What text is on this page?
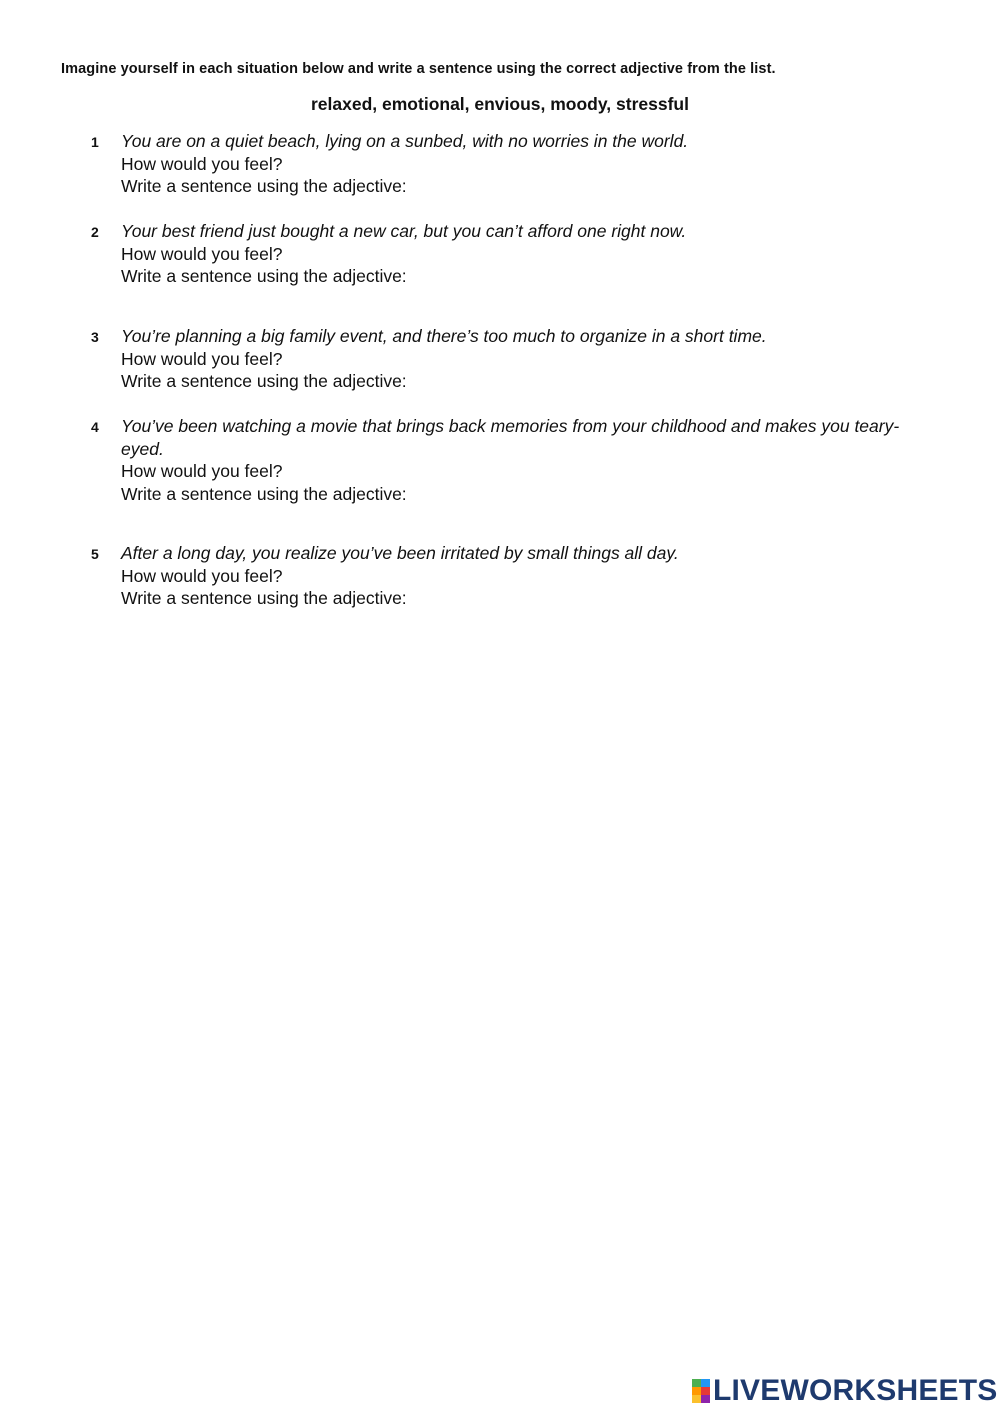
Imagine yourself in each situation below and write a sentence using the correct adjective from the list.
relaxed, emotional, envious, moody, stressful
1 You are on a quiet beach, lying on a sunbed, with no worries in the world.
How would you feel?
Write a sentence using the adjective:
2 Your best friend just bought a new car, but you can’t afford one right now.
How would you feel?
Write a sentence using the adjective:
3 You’re planning a big family event, and there’s too much to organize in a short time.
How would you feel?
Write a sentence using the adjective:
4 You’ve been watching a movie that brings back memories from your childhood and makes you teary-eyed.
How would you feel?
Write a sentence using the adjective:
5 After a long day, you realize you’ve been irritated by small things all day.
How would you feel?
Write a sentence using the adjective:
LIVEWORKSHEETS
